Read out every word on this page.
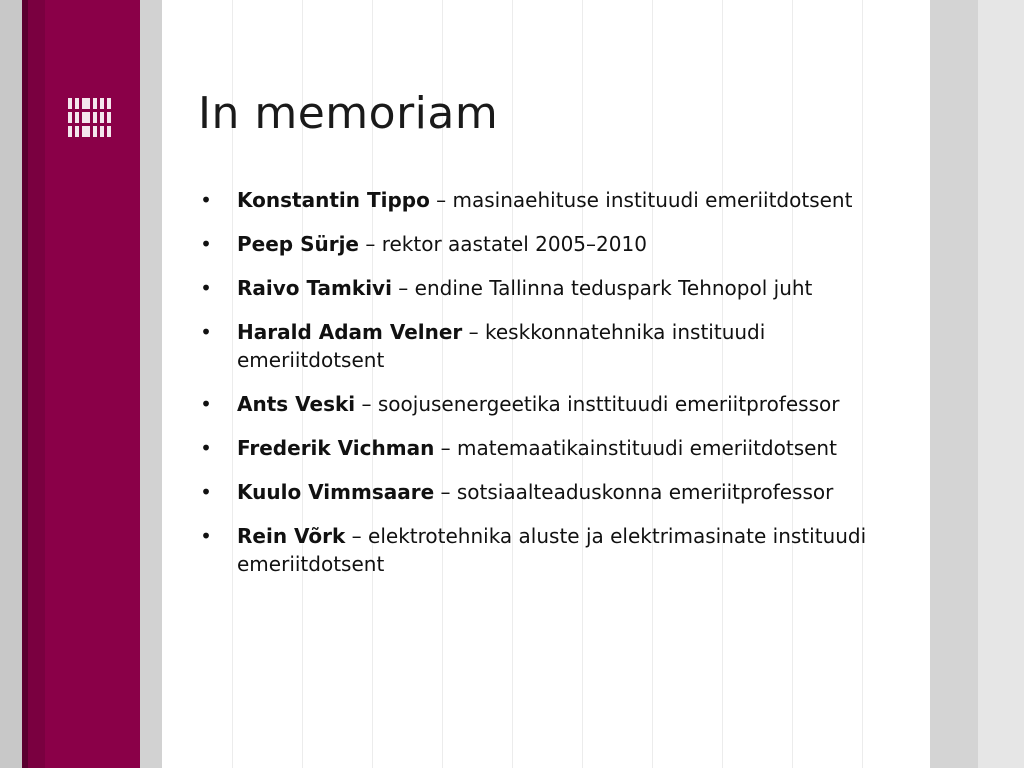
In memoriam
• Konstantin Tippo – masinaehituse instituudi emeriitdotsent
• Peep Sürje – rektor aastatel 2005–2010
• Raivo Tamkivi – endine Tallinna teduspark Tehnopol juht
• Harald Adam Velner – keskkonnatehnika instituudi emeriitdotsent
• Ants Veski – soojusenergeetika insttituudi emeriitprofessor
• Frederik Vichman – matemaatikainstituudi emeriitdotsent
• Kuulo Vimmsaare – sotsiaalteaduskonna emeriitprofessor
• Rein Võrk – elektrotehnika aluste ja elektrimasinate instituudi emeriitdotsent
